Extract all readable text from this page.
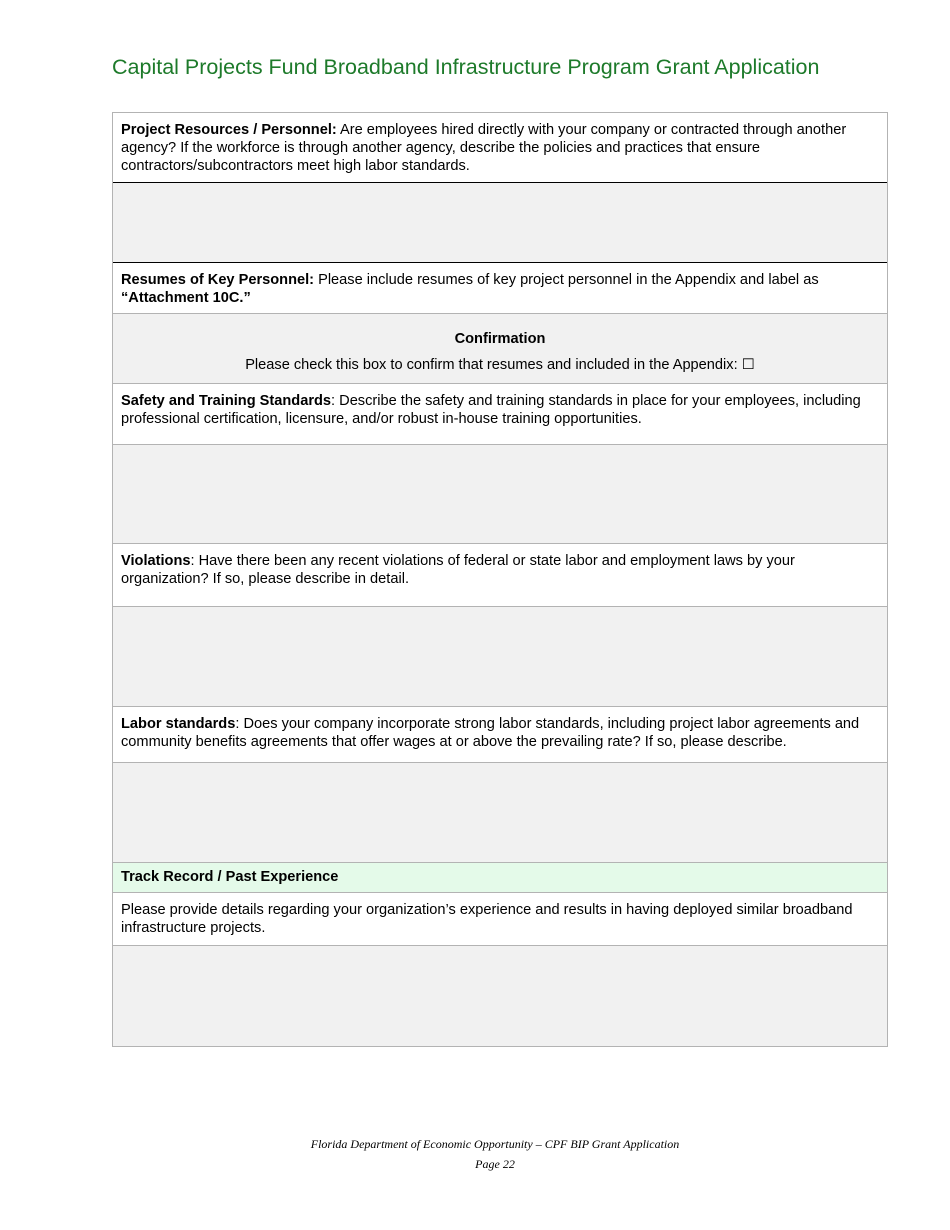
Capital Projects Fund Broadband Infrastructure Program Grant Application
Project Resources / Personnel: Are employees hired directly with your company or contracted through another agency? If the workforce is through another agency, describe the policies and practices that ensure contractors/subcontractors meet high labor standards.
Resumes of Key Personnel: Please include resumes of key project personnel in the Appendix and label as “Attachment 10C.”
Confirmation
Please check this box to confirm that resumes and included in the Appendix: ☐
Safety and Training Standards: Describe the safety and training standards in place for your employees, including professional certification, licensure, and/or robust in-house training opportunities.
Violations: Have there been any recent violations of federal or state labor and employment laws by your organization? If so, please describe in detail.
Labor standards: Does your company incorporate strong labor standards, including project labor agreements and community benefits agreements that offer wages at or above the prevailing rate? If so, please describe.
Track Record / Past Experience
Please provide details regarding your organization’s experience and results in having deployed similar broadband infrastructure projects.
Florida Department of Economic Opportunity – CPF BIP Grant Application
Page 22
